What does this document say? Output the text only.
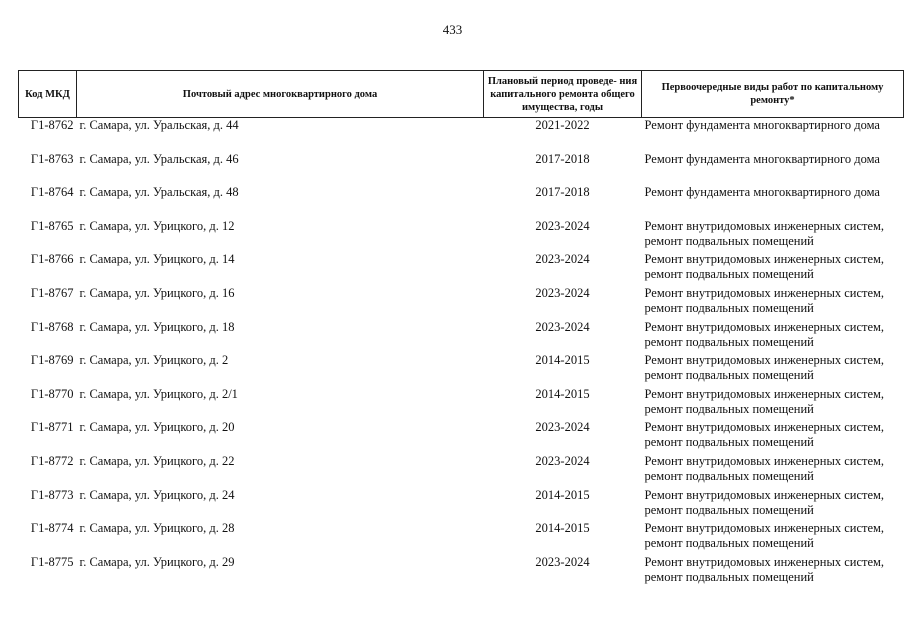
433
Код МКД	Почтовый адрес многоквартирного дома	Плановый период проведе- ния капитального ремонта общего имущества, годы	Первоочередные виды работ по капитальному ремонту*
Г1-8762	г. Самара, ул. Уральская, д. 44	2021-2022	Ремонт фундамента многоквартирного дома

Г1-8763	г. Самара, ул. Уральская, д. 46	2017-2018	Ремонт фундамента многоквартирного дома

Г1-8764	г. Самара, ул. Уральская, д. 48	2017-2018	Ремонт фундамента многоквартирного дома

Г1-8765	г. Самара, ул. Урицкого, д. 12	2023-2024	Ремонт внутридомовых инженерных систем,
ремонт подвальных помещений

Г1-8766	г. Самара, ул. Урицкого, д. 14	2023-2024	Ремонт внутридомовых инженерных систем,
ремонт подвальных помещений

Г1-8767	г. Самара, ул. Урицкого, д. 16	2023-2024	Ремонт внутридомовых инженерных систем,
ремонт подвальных помещений

Г1-8768	г. Самара, ул. Урицкого, д. 18	2023-2024	Ремонт внутридомовых инженерных систем,
ремонт подвальных помещений

Г1-8769	г. Самара, ул. Урицкого, д. 2	2014-2015	Ремонт внутридомовых инженерных систем,
ремонт подвальных помещений

Г1-8770	г. Самара, ул. Урицкого, д. 2/1	2014-2015	Ремонт внутридомовых инженерных систем,
ремонт подвальных помещений

Г1-8771	г. Самара, ул. Урицкого, д. 20	2023-2024	Ремонт внутридомовых инженерных систем,
ремонт подвальных помещений

Г1-8772	г. Самара, ул. Урицкого, д. 22	2023-2024	Ремонт внутридомовых инженерных систем,
ремонт подвальных помещений

Г1-8773	г. Самара, ул. Урицкого, д. 24	2014-2015	Ремонт внутридомовых инженерных систем,
ремонт подвальных помещений

Г1-8774	г. Самара, ул. Урицкого, д. 28	2014-2015	Ремонт внутридомовых инженерных систем,
ремонт подвальных помещений

Г1-8775	г. Самара, ул. Урицкого, д. 29	2023-2024	Ремонт внутридомовых инженерных систем,
ремонт подвальных помещений
